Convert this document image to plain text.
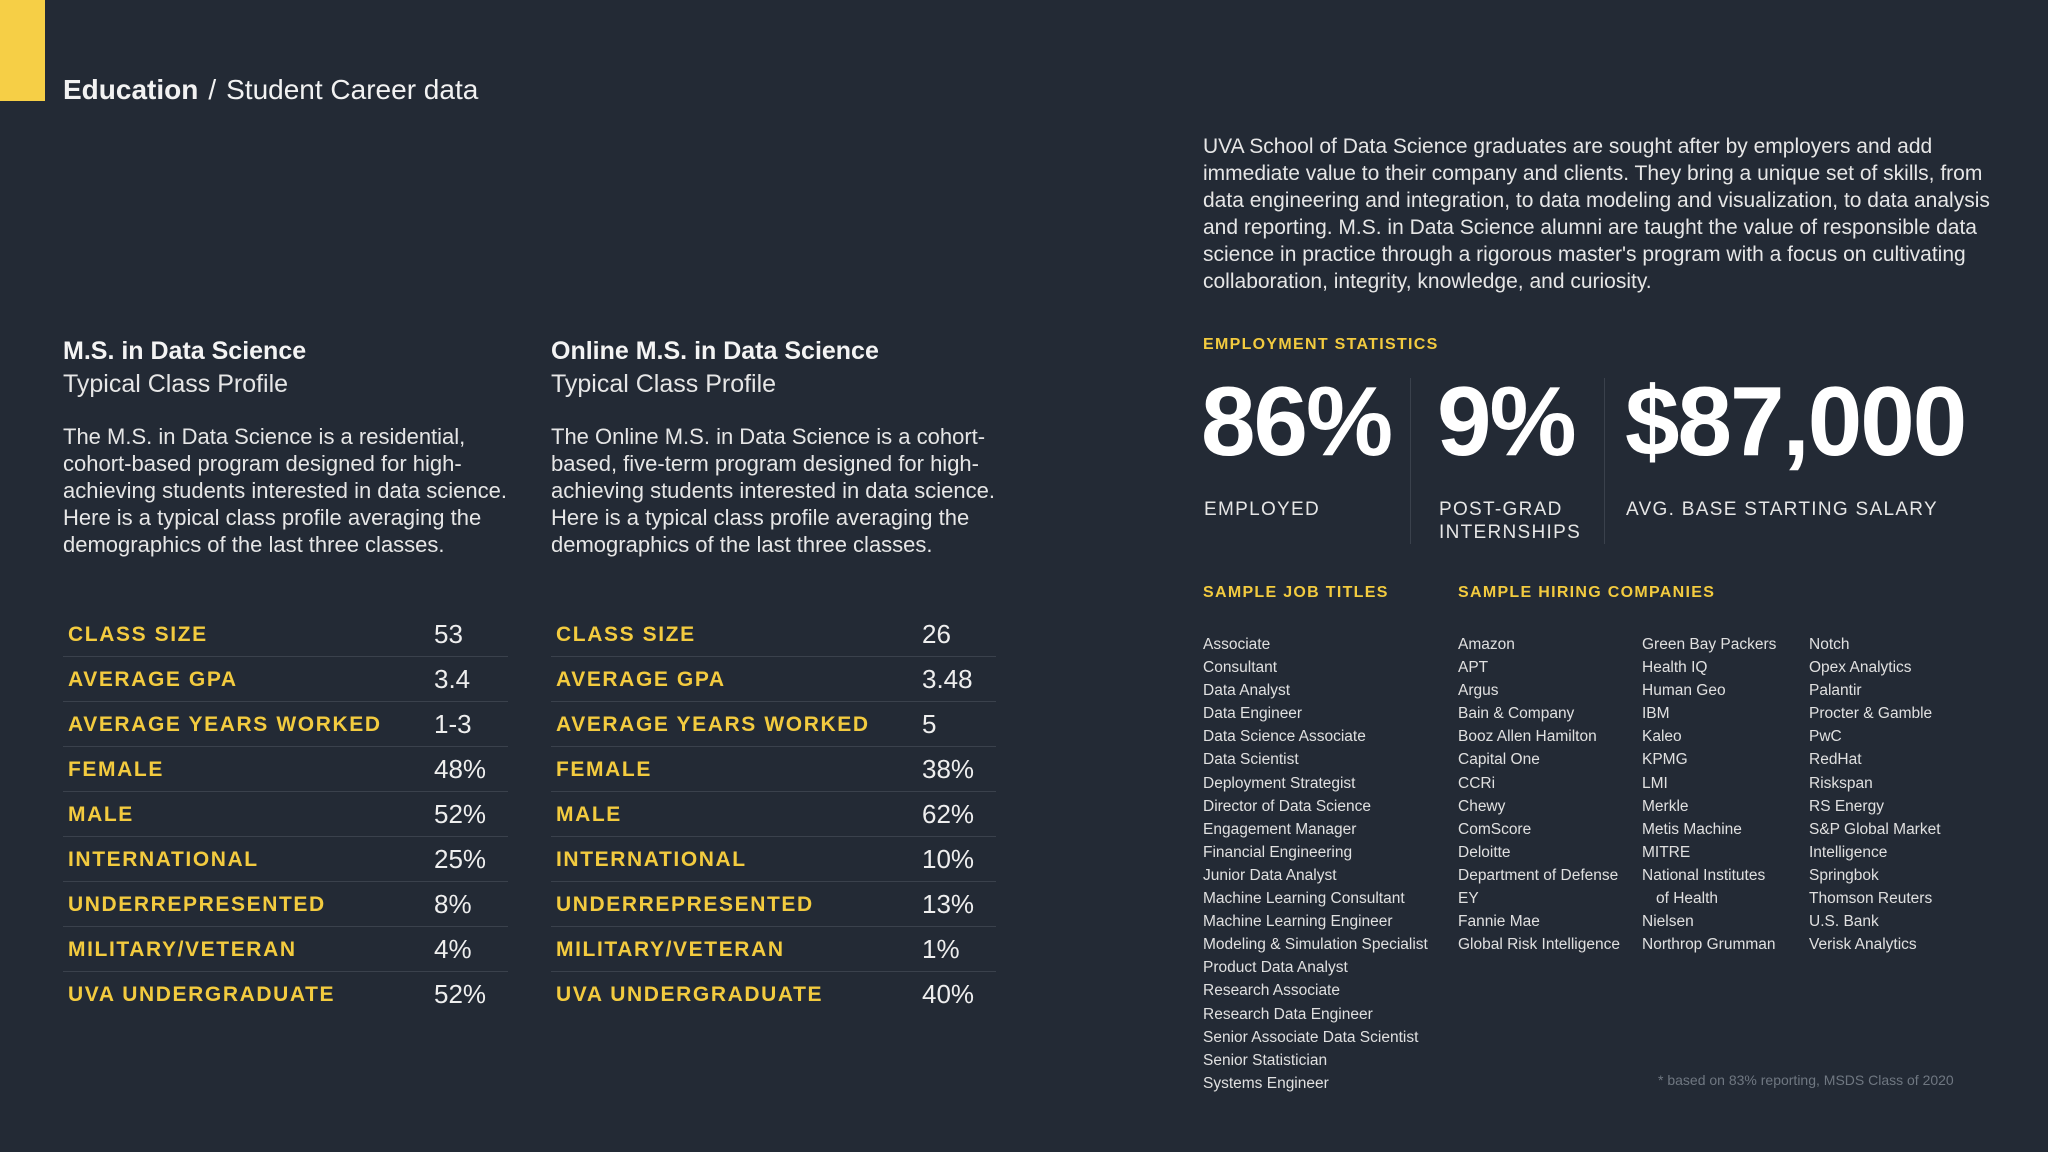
Education / Student Career data

M.S. in Data Science

Typical Class Profile

The M.S. in Data Science is a residential, cohort-based program designed for high-achieving students interested in data science. Here is a typical class profile averaging the demographics of the last three classes.
CLASS SIZE	53
AVERAGE GPA	3.4
AVERAGE YEARS WORKED 1-3
FEMALE	48%
MALE	52%
INTERNATIONAL	25%
UNDERREPRESENTED	8%
MILITARY/VETERAN	4%
UVA UNDERGRADUATE	52%

Online M.S. in Data Science

Typical Class Profile

The Online M.S. in Data Science is a cohort-based, five-term program designed for high-achieving students interested in data science. Here is a typical class profile averaging the demographics of the last three classes.
CLASS SIZE	26
AVERAGE GPA	3.48
AVERAGE YEARS WORKED 5
FEMALE	38%
MALE	62%
INTERNATIONAL	10%
UNDERREPRESENTED	13%
MILITARY/VETERAN	1%
UVA UNDERGRADUATE	40%
UVA School of Data Science graduates are sought after by employers and add immediate value to their company and clients. They bring a unique set of skills, from data engineering and integration, to data modeling and visualization, to data analysis and reporting. M.S. in Data Science alumni are taught the value of responsible data science in practice through a rigorous master's program with a focus on cultivating collaboration, integrity, knowledge, and curiosity.
EMPLOYMENT STATISTICS
86%
EMPLOYED
9%
POST-GRAD INTERNSHIPS
$87,000
AVG. BASE STARTING SALARY
SAMPLE JOB TITLES
Associate
Consultant
Data Analyst
Data Engineer
Data Science Associate
Data Scientist
Deployment Strategist
Director of Data Science
Engagement Manager
Financial Engineering
Junior Data Analyst
Machine Learning Consultant
Machine Learning Engineer
Modeling & Simulation Specialist
Product Data Analyst
Research Associate
Research Data Engineer
Senior Associate Data Scientist
Senior Statistician
Systems Engineer
SAMPLE HIRING COMPANIES
Amazon
APT
Argus
Bain & Company
Booz Allen Hamilton
Capital One
CCRi
Chewy
ComScore
Deloitte
Department of Defense
EY
Fannie Mae
Global Risk Intelligence
Green Bay Packers
Health IQ
Human Geo
IBM
Kaleo
KPMG
LMI
Merkle
Metis Machine
MITRE
National Institutes
of Health
Nielsen
Northrop Grumman
Notch
Opex Analytics
Palantir
Procter & Gamble
PwC
RedHat
Riskspan
RS Energy
S&P Global Market
Intelligence
Springbok
Thomson Reuters
U.S. Bank
Verisk Analytics
* based on 83% reporting, MSDS Class of 2020
